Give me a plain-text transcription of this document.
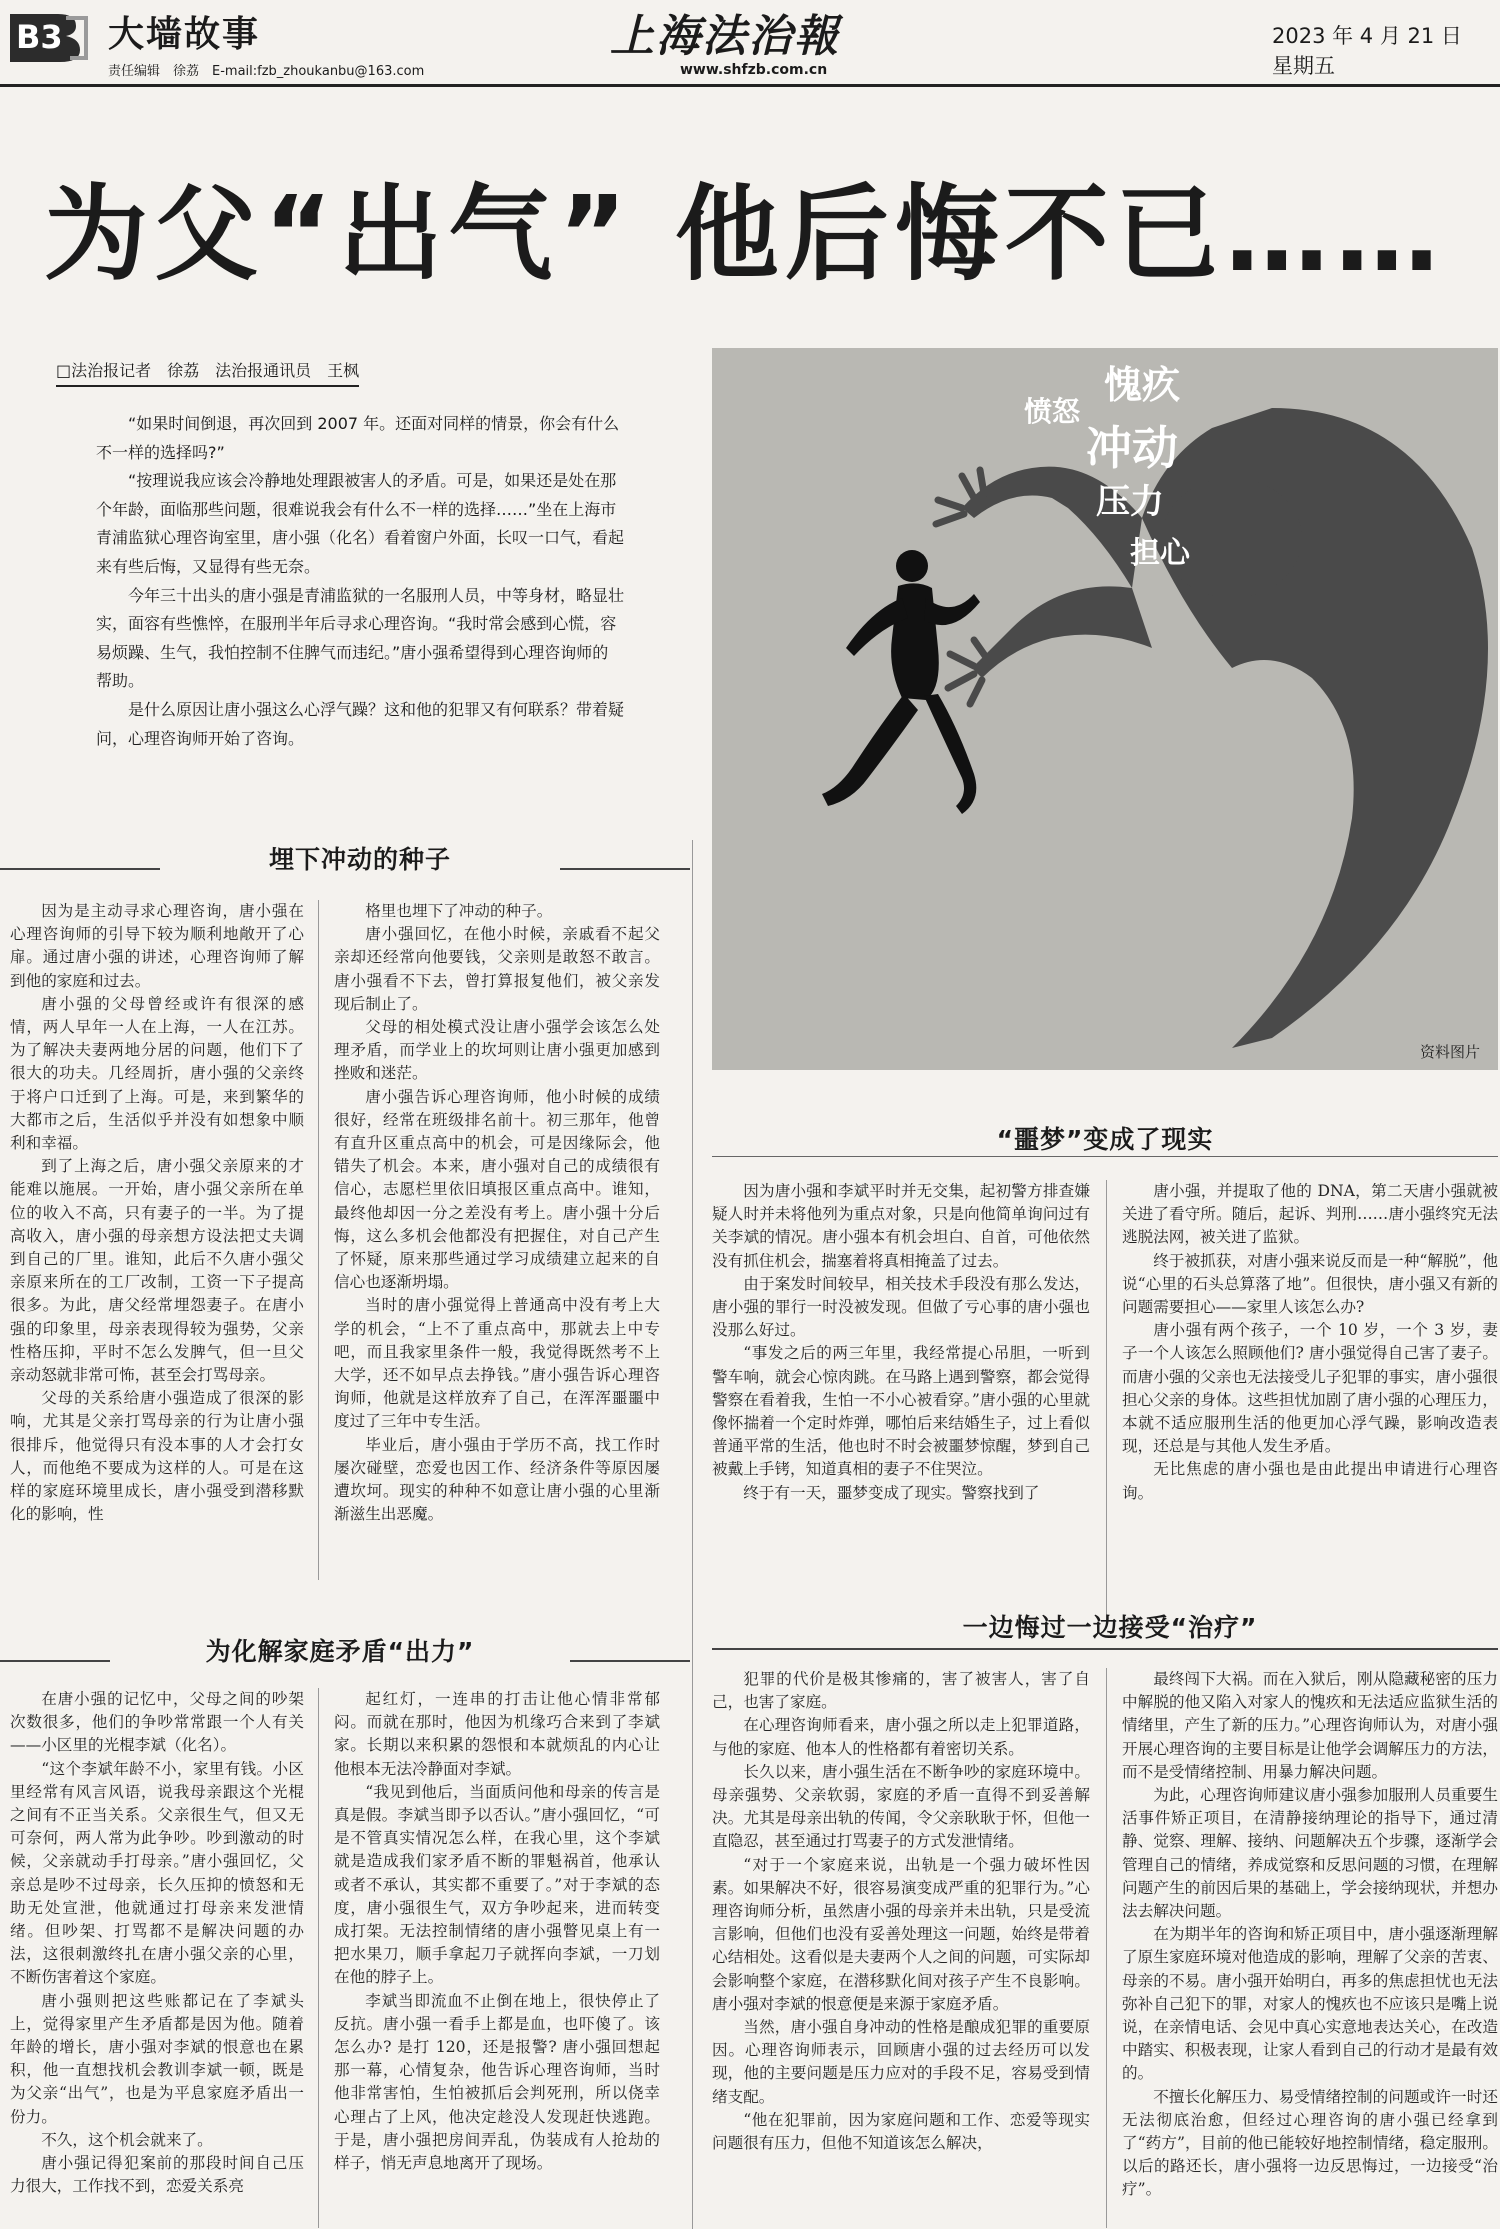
B3 大墙故事
责任编辑　徐荔　E-mail:fzb_zhoukanbu@163.com
上海法治報
www.shfzb.com.cn
2023 年 4 月 21 日　星期五
为父“出气” 他后悔不已……
□法治报记者　徐荔　法治报通讯员　王枫

“如果时间倒退，再次回到 2007 年。还面对同样的情景，你会有什么不一样的选择吗?”

“按理说我应该会冷静地处理跟被害人的矛盾。可是，如果还是处在那个年龄，面临那些问题，很难说我会有什么不一样的选择……”坐在上海市青浦监狱心理咨询室里，唐小强（化名）看着窗户外面，长叹一口气，看起来有些后悔，又显得有些无奈。

今年三十出头的唐小强是青浦监狱的一名服刑人员，中等身材，略显壮实，面容有些憔悴，在服刑半年后寻求心理咨询。“我时常会感到心慌，容易烦躁、生气，我怕控制不住脾气而违纪。”唐小强希望得到心理咨询师的帮助。

是什么原因让唐小强这么心浮气躁？这和他的犯罪又有何联系？带着疑问，心理咨询师开始了咨询。

愧疚
愤怒
冲动
压力
担心
资料图片
埋下冲动的种子

因为是主动寻求心理咨询，唐小强在心理咨询师的引导下较为顺利地敞开了心扉。通过唐小强的讲述，心理咨询师了解到他的家庭和过去。

唐小强的父母曾经或许有很深的感情，两人早年一人在上海，一人在江苏。为了解决夫妻两地分居的问题，他们下了很大的功夫。几经周折，唐小强的父亲终于将户口迁到了上海。可是，来到繁华的大都市之后，生活似乎并没有如想象中顺利和幸福。

到了上海之后，唐小强父亲原来的才能难以施展。一开始，唐小强父亲所在单位的收入不高，只有妻子的一半。为了提高收入，唐小强的母亲想方设法把丈夫调到自己的厂里。谁知，此后不久唐小强父亲原来所在的工厂改制，工资一下子提高很多。为此，唐父经常埋怨妻子。在唐小强的印象里，母亲表现得较为强势，父亲性格压抑，平时不怎么发脾气，但一旦父亲动怒就非常可怖，甚至会打骂母亲。

父母的关系给唐小强造成了很深的影响，尤其是父亲打骂母亲的行为让唐小强很排斥，他觉得只有没本事的人才会打女人，而他绝不要成为这样的人。可是在这样的家庭环境里成长，唐小强受到潜移默化的影响，性

格里也埋下了冲动的种子。

唐小强回忆，在他小时候，亲戚看不起父亲却还经常向他要钱，父亲则是敢怒不敢言。唐小强看不下去，曾打算报复他们，被父亲发现后制止了。

父母的相处模式没让唐小强学会该怎么处理矛盾，而学业上的坎坷则让唐小强更加感到挫败和迷茫。

唐小强告诉心理咨询师，他小时候的成绩很好，经常在班级排名前十。初三那年，他曾有直升区重点高中的机会，可是因缘际会，他错失了机会。本来，唐小强对自己的成绩很有信心，志愿栏里依旧填报区重点高中。谁知，最终他却因一分之差没有考上。唐小强十分后悔，这么多机会他都没有把握住，对自己产生了怀疑，原来那些通过学习成绩建立起来的自信心也逐渐坍塌。

当时的唐小强觉得上普通高中没有考上大学的机会，“上不了重点高中，那就去上中专吧，而且我家里条件一般，我觉得既然考不上大学，还不如早点去挣钱。”唐小强告诉心理咨询师，他就是这样放弃了自己，在浑浑噩噩中度过了三年中专生活。

毕业后，唐小强由于学历不高，找工作时屡次碰壁，恋爱也因工作、经济条件等原因屡遭坎坷。现实的种种不如意让唐小强的心里渐渐滋生出恶魔。

“噩梦”变成了现实

因为唐小强和李斌平时并无交集，起初警方排查嫌疑人时并未将他列为重点对象，只是向他简单询问过有关李斌的情况。唐小强本有机会坦白、自首，可他依然没有抓住机会，揣塞着将真相掩盖了过去。

由于案发时间较早，相关技术手段没有那么发达，唐小强的罪行一时没被发现。但做了亏心事的唐小强也没那么好过。

“事发之后的两三年里，我经常提心吊胆，一听到警车响，就会心惊肉跳。在马路上遇到警察，都会觉得警察在看着我，生怕一不小心被看穿。”唐小强的心里就像怀揣着一个定时炸弹，哪怕后来结婚生子，过上看似普通平常的生活，他也时不时会被噩梦惊醒，梦到自己被戴上手铐，知道真相的妻子不住哭泣。

终于有一天，噩梦变成了现实。警察找到了

唐小强，并提取了他的 DNA，第二天唐小强就被关进了看守所。随后，起诉、判刑……唐小强终究无法逃脱法网，被关进了监狱。

终于被抓获，对唐小强来说反而是一种“解脱”，他说“心里的石头总算落了地”。但很快，唐小强又有新的问题需要担心——家里人该怎么办?

唐小强有两个孩子，一个 10 岁，一个 3 岁，妻子一个人该怎么照顾他们? 唐小强觉得自己害了妻子。而唐小强的父亲也无法接受儿子犯罪的事实，唐小强很担心父亲的身体。这些担忧加剧了唐小强的心理压力，本就不适应服刑生活的他更加心浮气躁，影响改造表现，还总是与其他人发生矛盾。

无比焦虑的唐小强也是由此提出申请进行心理咨询。

为化解家庭矛盾“出力”

在唐小强的记忆中，父母之间的吵架次数很多，他们的争吵常常跟一个人有关——小区里的光棍李斌（化名）。

“这个李斌年龄不小，家里有钱。小区里经常有风言风语，说我母亲跟这个光棍之间有不正当关系。父亲很生气，但又无可奈何，两人常为此争吵。吵到激动的时候，父亲就动手打母亲。”唐小强回忆，父亲总是吵不过母亲，长久压抑的愤怒和无助无处宣泄，他就通过打母亲来发泄情绪。但吵架、打骂都不是解决问题的办法，这很刺激终扎在唐小强父亲的心里，不断伤害着这个家庭。

唐小强则把这些账都记在了李斌头上，觉得家里产生矛盾都是因为他。随着年龄的增长，唐小强对李斌的恨意也在累积，他一直想找机会教训李斌一顿，既是为父亲“出气”，也是为平息家庭矛盾出一份力。

不久，这个机会就来了。

唐小强记得犯案前的那段时间自己压力很大，工作找不到，恋爱关系亮

起红灯，一连串的打击让他心情非常郁闷。而就在那时，他因为机缘巧合来到了李斌家。长期以来积累的怨恨和本就烦乱的内心让他根本无法冷静面对李斌。

“我见到他后，当面质问他和母亲的传言是真是假。李斌当即予以否认。”唐小强回忆，“可是不管真实情况怎么样，在我心里，这个李斌就是造成我们家矛盾不断的罪魁祸首，他承认或者不承认，其实都不重要了。”对于李斌的态度，唐小强很生气，双方争吵起来，进而转变成打架。无法控制情绪的唐小强瞥见桌上有一把水果刀，顺手拿起刀子就挥向李斌，一刀划在他的脖子上。

李斌当即流血不止倒在地上，很快停止了反抗。唐小强一看手上都是血，也吓傻了。该怎么办? 是打 120，还是报警? 唐小强回想起那一幕，心情复杂，他告诉心理咨询师，当时他非常害怕，生怕被抓后会判死刑，所以侥幸心理占了上风，他决定趁没人发现赶快逃跑。于是，唐小强把房间弄乱，伪装成有人抢劫的样子，悄无声息地离开了现场。

一边悔过一边接受“治疗”

犯罪的代价是极其惨痛的，害了被害人，害了自己，也害了家庭。

在心理咨询师看来，唐小强之所以走上犯罪道路，与他的家庭、他本人的性格都有着密切关系。

长久以来，唐小强生活在不断争吵的家庭环境中。母亲强势、父亲软弱，家庭的矛盾一直得不到妥善解决。尤其是母亲出轨的传闻，令父亲耿耿于怀，但他一直隐忍，甚至通过打骂妻子的方式发泄情绪。

“对于一个家庭来说，出轨是一个强力破坏性因素。如果解决不好，很容易演变成严重的犯罪行为。”心理咨询师分析，虽然唐小强的母亲并未出轨，只是受流言影响，但他们也没有妥善处理这一问题，始终是带着心结相处。这看似是夫妻两个人之间的问题，可实际却会影响整个家庭，在潜移默化间对孩子产生不良影响。唐小强对李斌的恨意便是来源于家庭矛盾。

当然，唐小强自身冲动的性格是酿成犯罪的重要原因。心理咨询师表示，回顾唐小强的过去经历可以发现，他的主要问题是压力应对的手段不足，容易受到情绪支配。

“他在犯罪前，因为家庭问题和工作、恋爱等现实问题很有压力，但他不知道该怎么解决，

最终闯下大祸。而在入狱后，刚从隐藏秘密的压力中解脱的他又陷入对家人的愧疚和无法适应监狱生活的情绪里，产生了新的压力。”心理咨询师认为，对唐小强开展心理咨询的主要目标是让他学会调解压力的方法，而不是受情绪控制、用暴力解决问题。

为此，心理咨询师建议唐小强参加服刑人员重要生活事件矫正项目，在清静接纳理论的指导下，通过清静、觉察、理解、接纳、问题解决五个步骤，逐渐学会管理自己的情绪，养成觉察和反思问题的习惯，在理解问题产生的前因后果的基础上，学会接纳现状，并想办法去解决问题。

在为期半年的咨询和矫正项目中，唐小强逐渐理解了原生家庭环境对他造成的影响，理解了父亲的苦衷、母亲的不易。唐小强开始明白，再多的焦虑担忧也无法弥补自己犯下的罪，对家人的愧疚也不应该只是嘴上说说，在亲情电话、会见中真心实意地表达关心，在改造中踏实、积极表现，让家人看到自己的行动才是最有效的。

不擅长化解压力、易受情绪控制的问题或许一时还无法彻底治愈，但经过心理咨询的唐小强已经拿到了“药方”，目前的他已能较好地控制情绪，稳定服刑。以后的路还长，唐小强将一边反思悔过，一边接受“治疗”。
